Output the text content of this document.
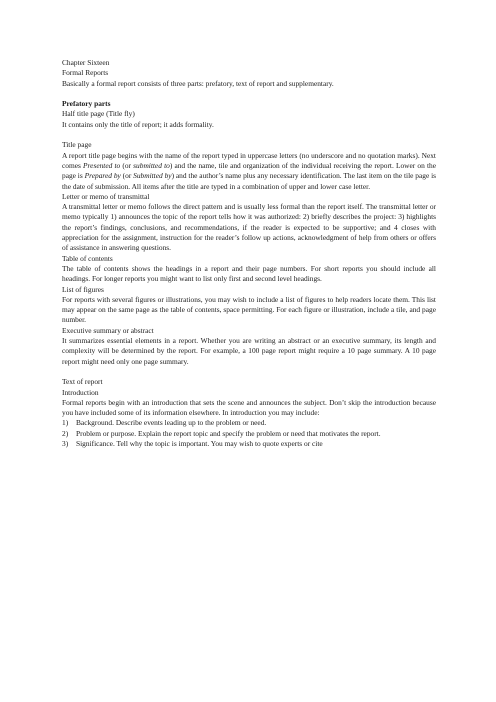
Chapter Sixteen

Formal Reports

Basically a formal report consists of three parts: prefatory, text of report and supplementary.

Prefatory parts

Half title page (Title fly)

It contains only the title of report; it adds formality.

Title page

A report title page begins with the name of the report typed in uppercase letters (no underscore and no quotation marks). Next comes Presented to (or submitted to) and the name, tile and organization of the individual receiving the report. Lower on the page is Prepared by (or Submitted by) and the author’s name plus any necessary identification. The last item on the tile page is the date of submission. All items after the title are typed in a combination of upper and lower case letter.

Letter or memo of transmittal

A transmittal letter or memo follows the direct pattern and is usually less formal than the report itself. The transmittal letter or memo typically 1) announces the topic of the report tells how it was authorized: 2) briefly describes the project: 3) highlights the report’s findings, conclusions, and recommendations, if the reader is expected to be supportive; and 4 closes with appreciation for the assignment, instruction for the reader’s follow up actions, acknowledgment of help from others or offers of assistance in answering questions.

Table of contents

The table of contents shows the headings in a report and their page numbers. For short reports you should include all headings. For longer reports you might want to list only first and second level headings.

List of figures

For reports with several figures or illustrations, you may wish to include a list of figures to help readers locate them. This list may appear on the same page as the table of contents, space permitting. For each figure or illustration, include a tile, and page number.

Executive summary or abstract

It summarizes essential elements in a report. Whether you are writing an abstract or an executive summary, its length and complexity will be determined by the report. For example, a 100 page report might require a 10 page summary. A 10 page report might need only one page summary.

Text of report

Introduction

Formal reports begin with an introduction that sets the scene and announces the subject. Don’t skip the introduction because you have included some of its information elsewhere. In introduction you may include:

1)	Background. Describe events leading up to the problem or need.
2)	Problem or purpose. Explain the report topic and specify the problem or need that motivates the report.
3)	Significance. Tell why the topic is important. You may wish to quote experts or cite
